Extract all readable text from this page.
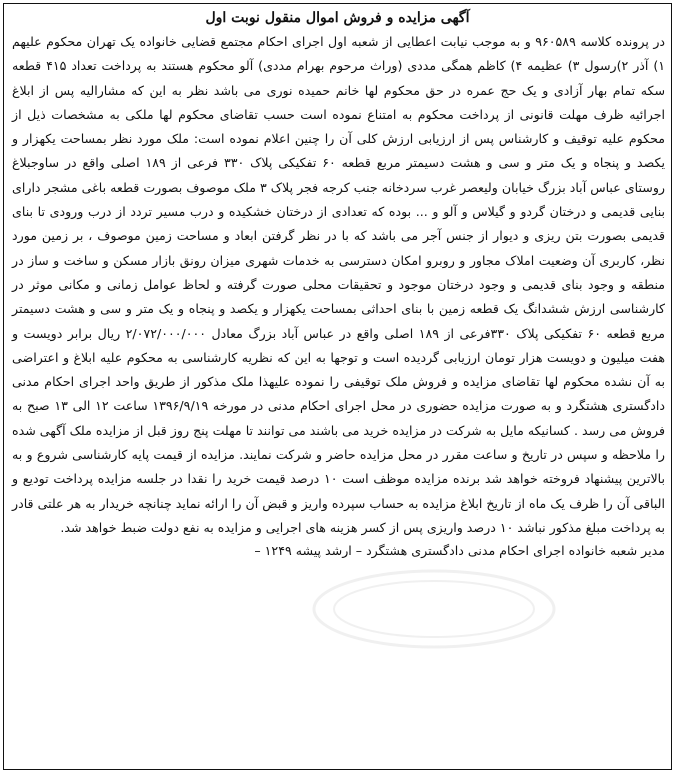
آگهی مزایده و فروش اموال منقول نوبت اول

در پرونده کلاسه ۹۶۰۵۸۹ و به موجب نیابت اعطایی از شعبه اول اجرای احکام مجتمع قضایی خانواده یک تهران محکوم علیهم ۱) آذر ۲)رسول ۳) عظیمه ۴) کاظم همگی مددی (وراث مرحوم بهرام مددی) آلو محکوم هستند به پرداخت تعداد ۴۱۵ قطعه سکه تمام بهار آزادی و یک حج عمره در حق محکوم لها خانم حمیده نوری می باشد نظر به این که مشارالیه پس از ابلاغ اجرائیه ظرف مهلت قانونی از پرداخت محکوم به امتناع نموده است حسب تقاضای محکوم لها ملکی به مشخصات ذیل از محکوم علیه توقیف و کارشناس پس از ارزیابی ارزش کلی آن را چنین اعلام نموده است: ملک مورد نظر بمساحت یکهزار و یکصد و پنجاه و یک متر و سی و هشت دسیمتر مربع قطعه ۶۰ تفکیکی پلاک ۳۳۰ فرعی از ۱۸۹ اصلی واقع در ساوجبلاغ روستای عباس آباد بزرگ خیابان ولیعصر غرب سردخانه جنب کرجه فجر پلاک ۳ ملک موصوف بصورت قطعه باغی مشجر دارای بنایی قدیمی و درختان گردو و گیلاس و آلو و ... بوده که تعدادی از درختان خشکیده و درب مسیر تردد از درب ورودی تا بنای قدیمی بصورت بتن ریزی و دیوار از جنس آجر می باشد که با در نظر گرفتن ابعاد و مساحت زمین موصوف ، بر زمین مورد نظر، کاربری آن وضعیت املاک مجاور و روبرو امکان دسترسی به خدمات شهری میزان رونق بازار مسکن و ساخت و ساز در منطقه و وجود بنای قدیمی و وجود درختان موجود و تحقیقات محلی صورت گرفته و لحاظ عوامل زمانی و مکانی موثر در کارشناسی ارزش ششدانگ یک قطعه زمین با بنای احداثی بمساحت یکهزار و یکصد و پنجاه و یک متر و سی و هشت دسیمتر مربع قطعه ۶۰ تفکیکی پلاک ۳۳۰فرعی از ۱۸۹ اصلی واقع در عباس آباد بزرگ معادل ۲/۰۷۲/۰۰۰/۰۰۰ ریال برابر دویست و هفت میلیون و دویست هزار تومان ارزیابی گردیده است و توجها به این که نظریه کارشناسی به محکوم علیه ابلاغ و اعتراضی به آن نشده محکوم لها تقاضای مزایده و فروش ملک توقیفی را نموده علیهذا ملک مذکور از طریق واحد اجرای احکام مدنی دادگستری هشتگرد و به صورت مزایده حضوری در محل اجرای احکام مدنی در مورخه ۱۳۹۶/۹/۱۹ ساعت ۱۲ الی ۱۳ صبح به فروش می رسد . کسانیکه مایل به شرکت در مزایده خرید می باشند می توانند تا مهلت پنج روز قبل از مزایده ملک آگهی شده را ملاحظه و سپس در تاریخ و ساعت مقرر در محل مزایده حاضر و شرکت نمایند. مزایده از قیمت پایه کارشناسی شروع و به بالاترین پیشنهاد فروخته خواهد شد برنده مزایده موظف است ۱۰ درصد قیمت خرید را نقدا در جلسه مزایده پرداخت تودیع و الباقی آن را ظرف یک ماه از تاریخ ابلاغ مزایده به حساب سپرده واریز و قبض آن را ارائه نماید چنانچه خریدار به هر علتی قادر به پرداخت مبلغ مذکور نباشد ۱۰ درصد واریزی پس از کسر هزینه های اجرایی و مزایده به نفع دولت ضبط خواهد شد.

مدیر شعبه خانواده اجرای احکام مدنی دادگستری هشتگرد – ارشد پیشه ۱۲۴۹ –
